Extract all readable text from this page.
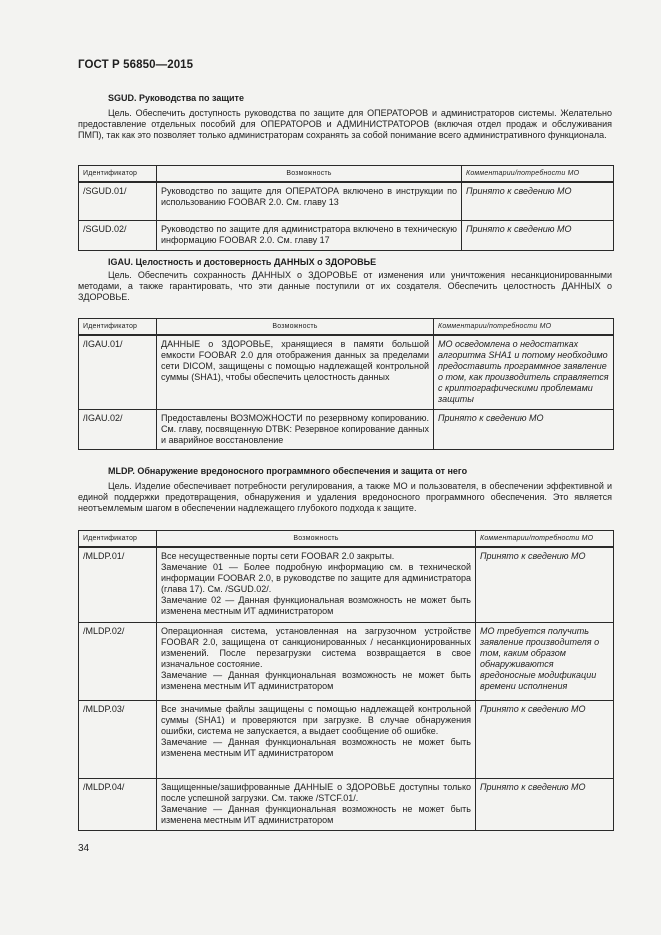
ГОСТ Р 56850—2015
SGUD. Руководства по защите
Цель. Обеспечить доступность руководства по защите для ОПЕРАТОРОВ и администраторов системы. Желательно предоставление отдельных пособий для ОПЕРАТОРОВ и АДМИНИСТРАТОРОВ (включая отдел продаж и обслуживания ПМП), так как это позволяет только администраторам сохранять за собой понимание всего административного функционала.
Идентификатор	Возможность	Комментарии/потребности МО
/SGUD.01/	Руководство по защите для ОПЕРАТОРА включено в инструкции по использованию FOOBAR 2.0. См. главу 13	Принято к сведению МО
/SGUD.02/	Руководство по защите для администратора включено в техническую информацию FOOBAR 2.0. См. главу 17	Принято к сведению МО
IGAU. Целостность и достоверность ДАННЫХ о ЗДОРОВЬЕ
Цель. Обеспечить сохранность ДАННЫХ о ЗДОРОВЬЕ от изменения или уничтожения несанкционированными методами, а также гарантировать, что эти данные поступили от их создателя. Обеспечить целостность ДАННЫХ о ЗДОРОВЬЕ.
Идентификатор	Возможность	Комментарии/потребности МО
/IGAU.01/	ДАННЫЕ о ЗДОРОВЬЕ, хранящиеся в памяти большой емкости FOOBAR 2.0 для отображения данных за пределами сети DICOM, защищены с помощью надлежащей контрольной суммы (SHA1), чтобы обеспечить целостность данных	МО осведомлена о недостатках алгоритма SHA1 и потому необходимо предоставить программное заявление о том, как производитель справляется с криптографическими проблемами защиты
/IGAU.02/	Предоставлены ВОЗМОЖНОСТИ по резервному копированию. См. главу, посвященную DTBK: Резервное копирование данных и аварийное восстановление	Принято к сведению МО
MLDP. Обнаружение вредоносного программного обеспечения и защита от него
Цель. Изделие обеспечивает потребности регулирования, а также МО и пользователя, в обеспечении эффективной и единой поддержки предотвращения, обнаружения и удаления вредоносного программного обеспечения. Это является неотъемлемым шагом в обеспечении надлежащего глубокого подхода к защите.
Идентификатор	Возможность	Комментарии/потребности МО
/MLDP.01/	Все несущественные порты сети FOOBAR 2.0 закрыты.
Замечание 01 — Более подробную информацию см. в технической информации FOOBAR 2.0, в руководстве по защите для администратора (глава 17). См. /SGUD.02/.
Замечание 02 — Данная функциональная возможность не может быть изменена местным ИТ администратором	Принято к сведению МО
/MLDP.02/	Операционная система, установленная на загрузочном устройстве FOOBAR 2.0, защищена от санкционированных / несанкционированных изменений. После перезагрузки система возвращается в свое изначальное состояние.
Замечание — Данная функциональная возможность не может быть изменена местным ИТ администратором	МО требуется получить заявление производителя о том, каким образом обнаруживаются вредоносные модификации времени исполнения
/MLDP.03/	Все значимые файлы защищены с помощью надлежащей контрольной суммы (SHA1) и проверяются при загрузке. В случае обнаружения ошибки, система не запускается, а выдает сообщение об ошибке.
Замечание — Данная функциональная возможность не может быть изменена местным ИТ администратором	Принято к сведению МО
/MLDP.04/	Защищенные/зашифрованные ДАННЫЕ о ЗДОРОВЬЕ доступны только после успешной загрузки. См. также /STCF.01/.
Замечание — Данная функциональная возможность не может быть изменена местным ИТ администратором	Принято к сведению МО
34
